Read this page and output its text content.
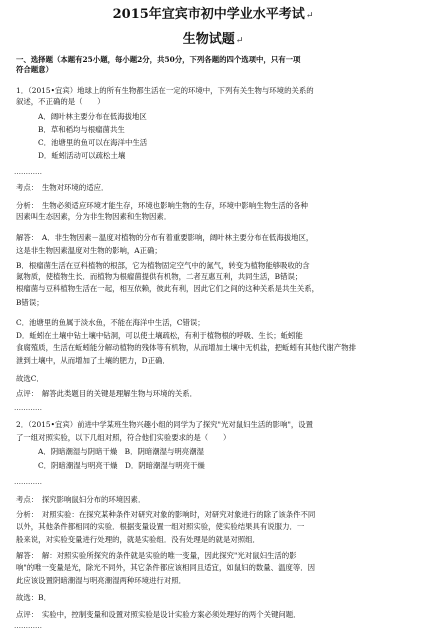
2015年宜宾市初中学业水平考试↵
生物试题↵
一、选择题（本题有25小题，每小题2分，共50分，下列各题的四个选项中，只有一项
符合题意）
1．（2015•宜宾）地球上的所有生物都生活在一定的环境中，下列有关生物与环境的关系的
叙述，不正确的是（　　）
A．阔叶林主要分布在低海拔地区
B．草和稻均与根瘤菌共生
C．池塘里的鱼可以在海洋中生活
D．蚯蚓活动可以疏松土壤
…………
考点：　生物对环境的适应．
分析：　生物必须适应环境才能生存，环境也影响生物的生存，环境中影响生物生活的各种
因素叫生态因素，分为非生物因素和生物因素．
解答：　A．非生物因素－温度对植物的分布有着重要影响，阔叶林主要分布在低海拔地区，
这是非生物因素温度对生物的影响，A正确；
B．根瘤菌生活在豆科植物的根部，它为植物固定空气中的氮气，转变为植物能够吸收的含
氮物质，使植物生长．而植物为根瘤菌提供有机物，二者互惠互利，共同生活，B错误；
根瘤菌与豆科植物生活在一起，相互依赖，彼此有利，因此它们之间的这种关系是共生关系，
B错误；
C．池塘里的鱼属于淡水鱼，不能在海洋中生活，C错误；
D．蚯蚓在土壤中钻土壤中钻洞，可以使土壤疏松，有利于植物根的呼吸、生长；蚯蚓能
食腐殖质，生活在蚯蚓能分解动植物的残体等有机物，从而增加土壤中无机盐，把蚯蚓有其他代谢产物排
泄到土壤中，从而增加了土壤的肥力，D正确．
故选C．
点评：　解答此类题目的关键是理解生物与环境的关系．
…………
2．（2015•宜宾）前进中学某班生物兴趣小组的同学为了探究"光对鼠妇生活的影响"，设置
了一组对照实验，以下几组对照，符合他们实验要求的是（　　）
A．阴暗潮湿与阴暗干燥　B．阴暗潮湿与明亮潮湿
C．阴暗潮湿与明亮干燥　D．阴暗潮湿与明亮干燥
…………
考点：　探究影响鼠妇分布的环境因素．
分析：　对照实验：在探究某种条件对研究对象的影响时，对研究对象进行的除了该条件不同
以外，其他条件都相同的实验．根据变量设置一组对照实验，使实验结果具有说服力．一
般来说，对实验变量进行处理的，就是实验组．没有处理是的就是对照组．
解答：　解：对照实验所探究的条件就是实验的唯一变量，因此探究"光对鼠妇生活的影
响"的唯一变量是光，除光不同外，其它条件都应该相同且适宜，如鼠妇的数量、温度等．因
此应该设置阴暗潮湿与明亮潮湿两种环境进行对照．
故选：B．
点评：　实验中，控制变量和设置对照实验是设计实验方案必须处理好的两个关键问题．
…………
